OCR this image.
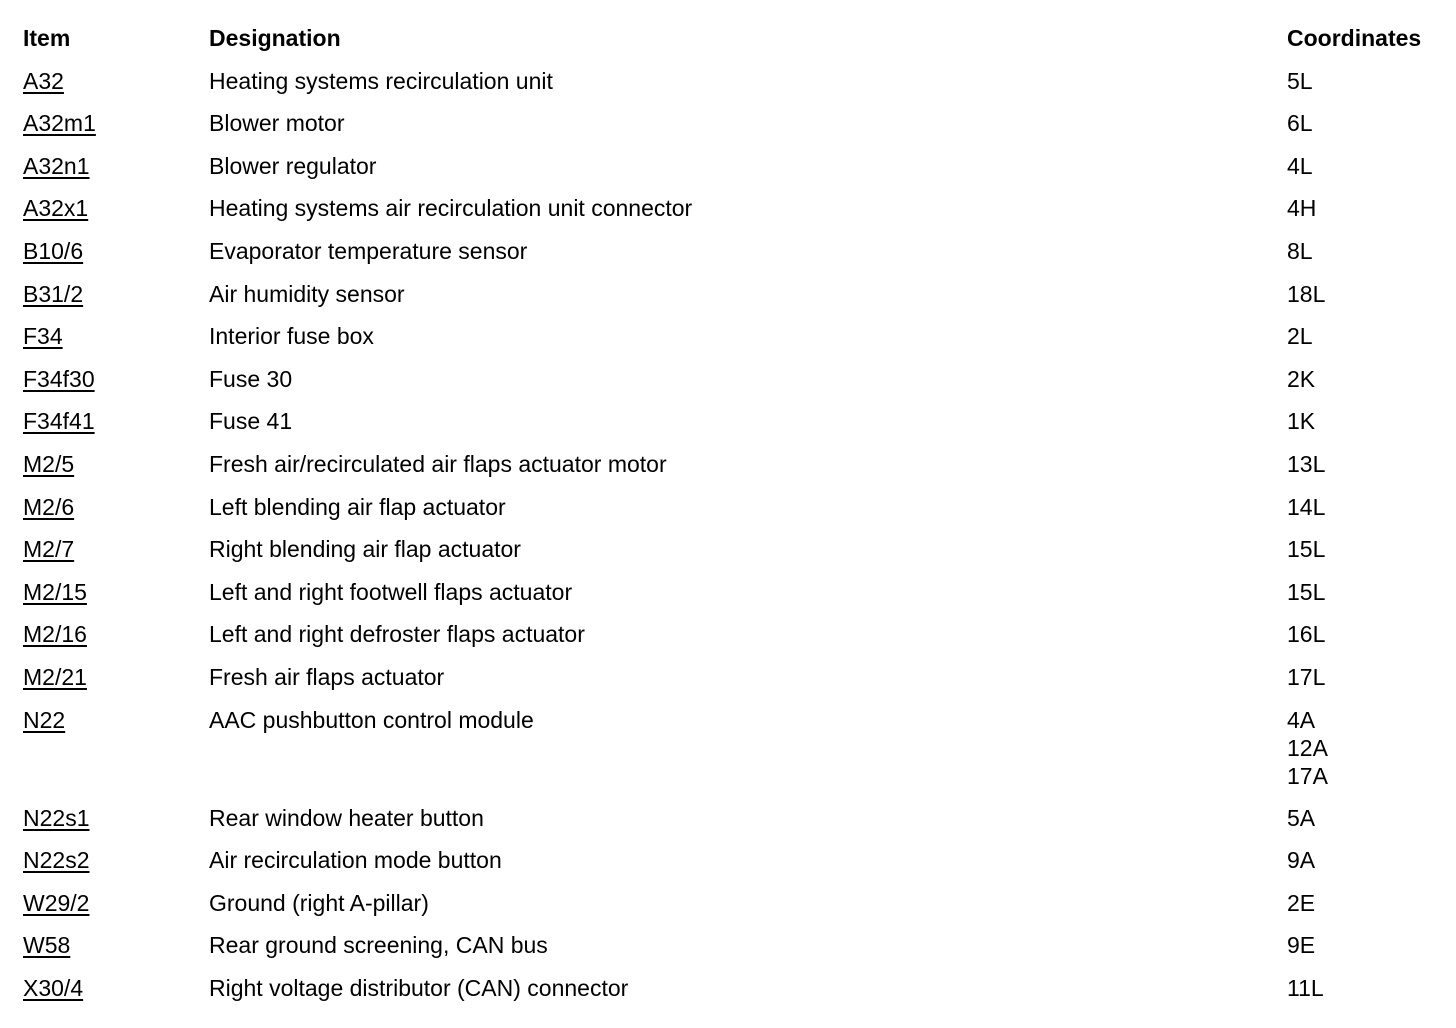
Item	Designation	Coordinates
A32	Heating systems recirculation unit	5L
A32m1	Blower motor	6L
A32n1	Blower regulator	4L
A32x1	Heating systems air recirculation unit connector	4H
B10/6	Evaporator temperature sensor	8L
B31/2	Air humidity sensor	18L
F34	Interior fuse box	2L
F34f30	Fuse 30	2K
F34f41	Fuse 41	1K
M2/5	Fresh air/recirculated air flaps actuator motor	13L
M2/6	Left blending air flap actuator	14L
M2/7	Right blending air flap actuator	15L
M2/15	Left and right footwell flaps actuator	15L
M2/16	Left and right defroster flaps actuator	16L
M2/21	Fresh air flaps actuator	17L
N22	AAC pushbutton control module	4A
12A
17A
N22s1	Rear window heater button	5A
N22s2	Air recirculation mode button	9A
W29/2	Ground (right A-pillar)	2E
W58	Rear ground screening, CAN bus	9E
X30/4	Right voltage distributor (CAN) connector	11L
